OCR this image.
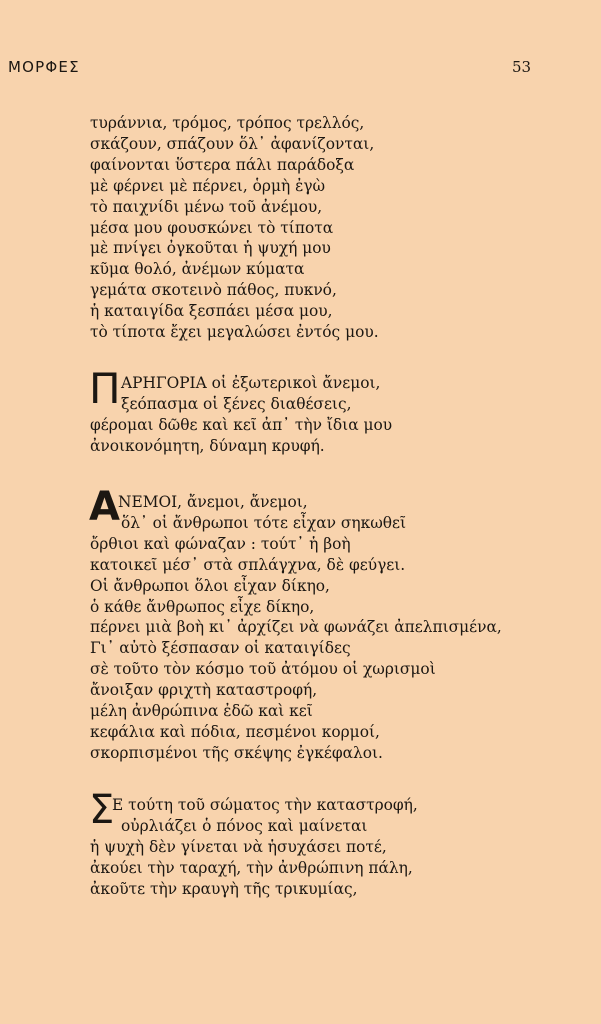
ΜΟΡΦΕΣ	53
τυράννια, τρόμος, τρόπος τρελλός,
σκάζουν, σπάζουν ὅλ᾽ ἀφανίζονται,
φαίνονται ὕστερα πάλι παράδοξα
μὲ φέρνει μὲ πέρνει, ὁρμὴ ἐγὼ
τὸ παιχνίδι μένω τοῦ ἀνέμου,
μέσα μου φουσκώνει τὸ τίποτα
μὲ πνίγει ὀγκοῦται ἡ ψυχή μου
κῦμα θολό, ἀνέμων κύματα
γεμάτα σκοτεινὸ πάθος, πυκνό,
ἡ καταιγίδα ξεσπάει μέσα μου,
τὸ τίποτα ἔχει μεγαλώσει ἐντός μου.
Π ΑΡΗΓΟΡΙΑ οἱ ἐξωτερικοὶ ἄνεμοι,
ξεόπασμα οἱ ξένες διαθέσεις,
φέρομαι δῶθε καὶ κεῖ ἀπ᾽ τὴν ἴδια μου
ἀνοικονόμητη, δύναμη κρυφή.
Α
ΝΕΜΟΙ, ἄνεμοι, ἄνεμοι,
ὅλ᾽ οἱ ἄνθρωποι τότε εἶχαν σηκωθεῖ
ὄρθιοι καὶ φώναζαν : τούτ᾽ ἡ βοὴ
κατοικεῖ μέσ᾽ στὰ σπλάγχνα, δὲ φεύγει.
Οἱ ἄνθρωποι ὅλοι εἶχαν δίκηο,
ὁ κάθε ἄνθρωπος εἶχε δίκηο,
πέρνει μιὰ βοὴ κι᾽ ἀρχίζει νὰ φωνάζει ἀπελπισμένα,
Γι᾽ αὐτὸ ξέσπασαν οἱ καταιγίδες
σὲ τοῦτο τὸν κόσμο τοῦ ἀτόμου οἱ χωρισμοὶ
ἄνοιξαν φριχτὴ καταστροφή,
μέλη ἀνθρώπινα ἐδῶ καὶ κεῖ
κεφάλια καὶ πόδια, πεσμένοι κορμοί,
σκορπισμένοι τῆς σκέψης ἐγκέφαλοι.
Σ
Ε τούτη τοῦ σώματος τὴν καταστροφή,
οὐρλιάζει ὁ πόνος καὶ μαίνεται
ἡ ψυχὴ δὲν γίνεται νὰ ἡσυχάσει ποτέ,
ἀκούει τὴν ταραχή, τὴν ἀνθρώπινη πάλη,
ἀκοῦτε τὴν κραυγὴ τῆς τρικυμίας,
